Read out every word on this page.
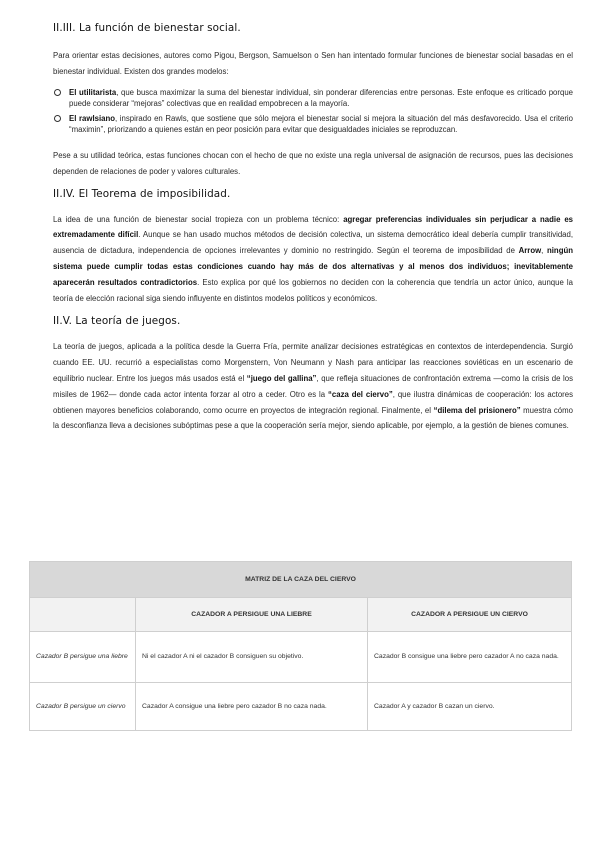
II.III. La función de bienestar social.

Para orientar estas decisiones, autores como Pigou, Bergson, Samuelson o Sen han intentado formular funciones de bienestar social basadas en el bienestar individual. Existen dos grandes modelos:

El utilitarista, que busca maximizar la suma del bienestar individual, sin ponderar diferencias entre personas. Este enfoque es criticado porque puede considerar “mejoras” colectivas que en realidad empobrecen a la mayoría.
El rawlsiano, inspirado en Rawls, que sostiene que sólo mejora el bienestar social si mejora la situación del más desfavorecido. Usa el criterio “maximin”, priorizando a quienes están en peor posición para evitar que desigualdades iniciales se reproduzcan.

Pese a su utilidad teórica, estas funciones chocan con el hecho de que no existe una regla universal de asignación de recursos, pues las decisiones dependen de relaciones de poder y valores culturales.

II.IV. El Teorema de imposibilidad.

La idea de una función de bienestar social tropieza con un problema técnico: agregar preferencias individuales sin perjudicar a nadie es extremadamente difícil. Aunque se han usado muchos métodos de decisión colectiva, un sistema democrático ideal debería cumplir transitividad, ausencia de dictadura, independencia de opciones irrelevantes y dominio no restringido. Según el teorema de imposibilidad de Arrow, ningún sistema puede cumplir todas estas condiciones cuando hay más de dos alternativas y al menos dos individuos; inevitablemente aparecerán resultados contradictorios. Esto explica por qué los gobiernos no deciden con la coherencia que tendría un actor único, aunque la teoría de elección racional siga siendo influyente en distintos modelos políticos y económicos.

II.V. La teoría de juegos.

La teoría de juegos, aplicada a la política desde la Guerra Fría, permite analizar decisiones estratégicas en contextos de interdependencia. Surgió cuando EE. UU. recurrió a especialistas como Morgenstern, Von Neumann y Nash para anticipar las reacciones soviéticas en un escenario de equilibrio nuclear. Entre los juegos más usados está el “juego del gallina”, que refleja situaciones de confrontación extrema —como la crisis de los misiles de 1962— donde cada actor intenta forzar al otro a ceder. Otro es la “caza del ciervo”, que ilustra dinámicas de cooperación: los actores obtienen mayores beneficios colaborando, como ocurre en proyectos de integración regional. Finalmente, el “dilema del prisionero” muestra cómo la desconfianza lleva a decisiones subóptimas pese a que la cooperación sería mejor, siendo aplicable, por ejemplo, a la gestión de bienes comunes.

MATRIZ DE LA CAZA DEL CIERVO		
	CAZADOR A PERSIGUE UNA LIEBRE	CAZADOR A PERSIGUE UN CIERVO
Cazador B persigue una liebre	Ni el cazador A ni el cazador B consiguen su objetivo.	Cazador B consigue una liebre pero cazador A no caza nada.
Cazador B persigue un ciervo	Cazador A consigue una liebre pero cazador B no caza nada.	Cazador A y cazador B cazan un ciervo.
